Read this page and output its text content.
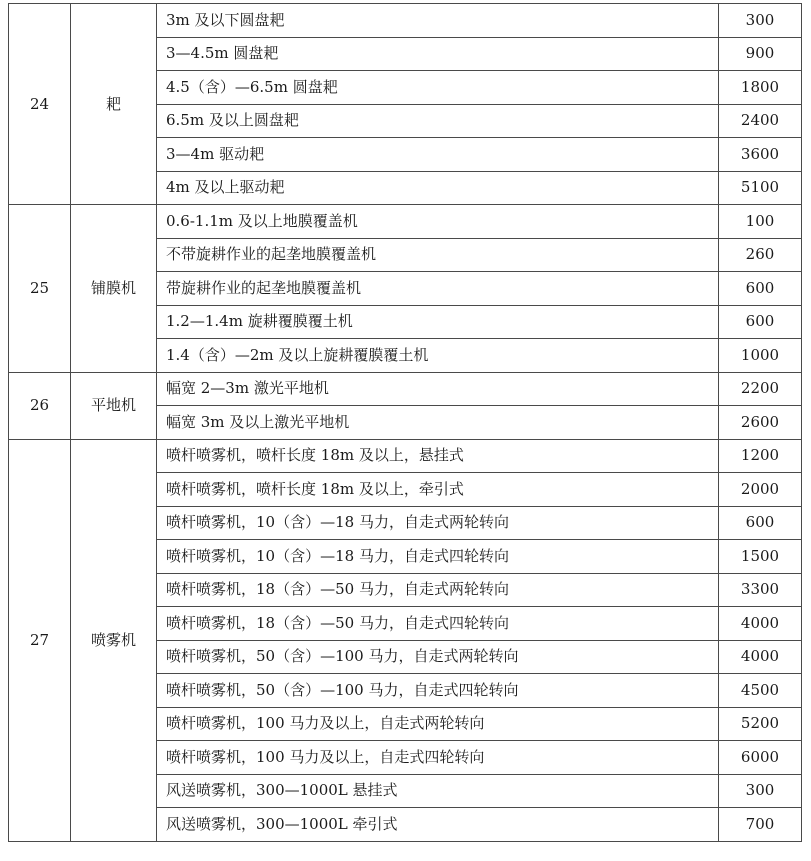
24	耙	3m 及以下圆盘耙	300
		3—4.5m 圆盘耙	900
		4.5（含）—6.5m 圆盘耙	1800
		6.5m 及以上圆盘耙	2400
		3—4m 驱动耙	3600
		4m 及以上驱动耙	5100
25	铺膜机	0.6-1.1m 及以上地膜覆盖机	100
		不带旋耕作业的起垄地膜覆盖机	260
		带旋耕作业的起垄地膜覆盖机	600
		1.2—1.4m 旋耕覆膜覆土机	600
		1.4（含）—2m 及以上旋耕覆膜覆土机	1000
26	平地机	幅宽 2—3m 激光平地机	2200
		幅宽 3m 及以上激光平地机	2600
27	喷雾机	喷杆喷雾机，喷杆长度 18m 及以上，悬挂式	1200
		喷杆喷雾机，喷杆长度 18m 及以上，牵引式	2000
		喷杆喷雾机，10（含）—18 马力，自走式两轮转向	600
		喷杆喷雾机，10（含）—18 马力，自走式四轮转向	1500
		喷杆喷雾机，18（含）—50 马力，自走式两轮转向	3300
		喷杆喷雾机，18（含）—50 马力，自走式四轮转向	4000
		喷杆喷雾机，50（含）—100 马力，自走式两轮转向	4000
		喷杆喷雾机，50（含）—100 马力，自走式四轮转向	4500
		喷杆喷雾机，100 马力及以上，自走式两轮转向	5200
		喷杆喷雾机，100 马力及以上，自走式四轮转向	6000
		风送喷雾机，300—1000L 悬挂式	300
		风送喷雾机，300—1000L 牵引式	700
